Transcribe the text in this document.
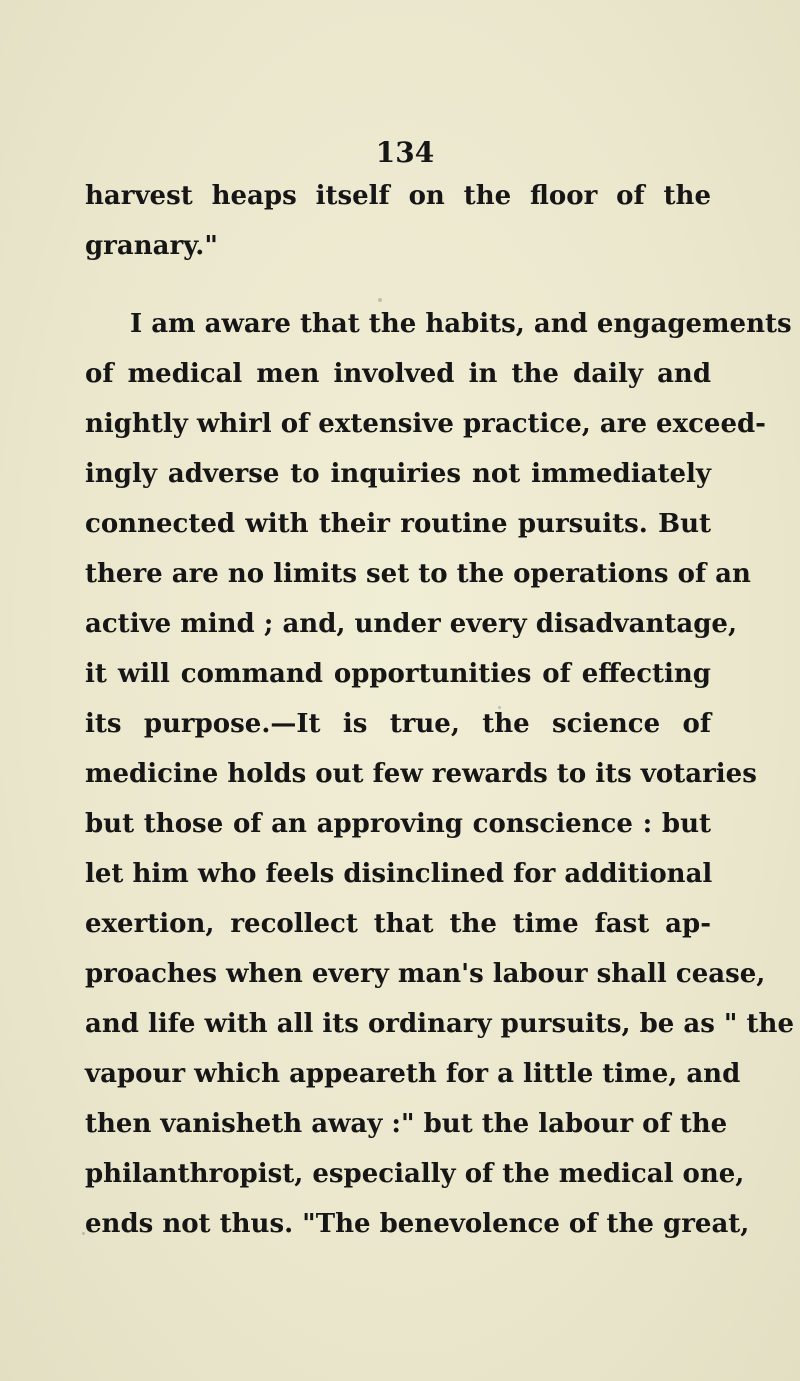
134
harvest heaps itself on the floor of the
granary."
I am aware that the habits, and engagements
of medical men involved in the daily and
nightly whirl of extensive practice, are exceed-
ingly adverse to inquiries not immediately
connected with their routine pursuits. But
there are no limits set to the operations of an
active mind ; and, under every disadvantage,
it will command opportunities of effecting
its purpose.—It is true, the science of
medicine holds out few rewards to its votaries
but those of an approving conscience : but
let him who feels disinclined for additional
exertion, recollect that the time fast ap-
proaches when every man's labour shall cease,
and life with all its ordinary pursuits, be as " the
vapour which appeareth for a little time, and
then vanisheth away :" but the labour of the
philanthropist, especially of the medical one,
ends not thus. "The benevolence of the great,
